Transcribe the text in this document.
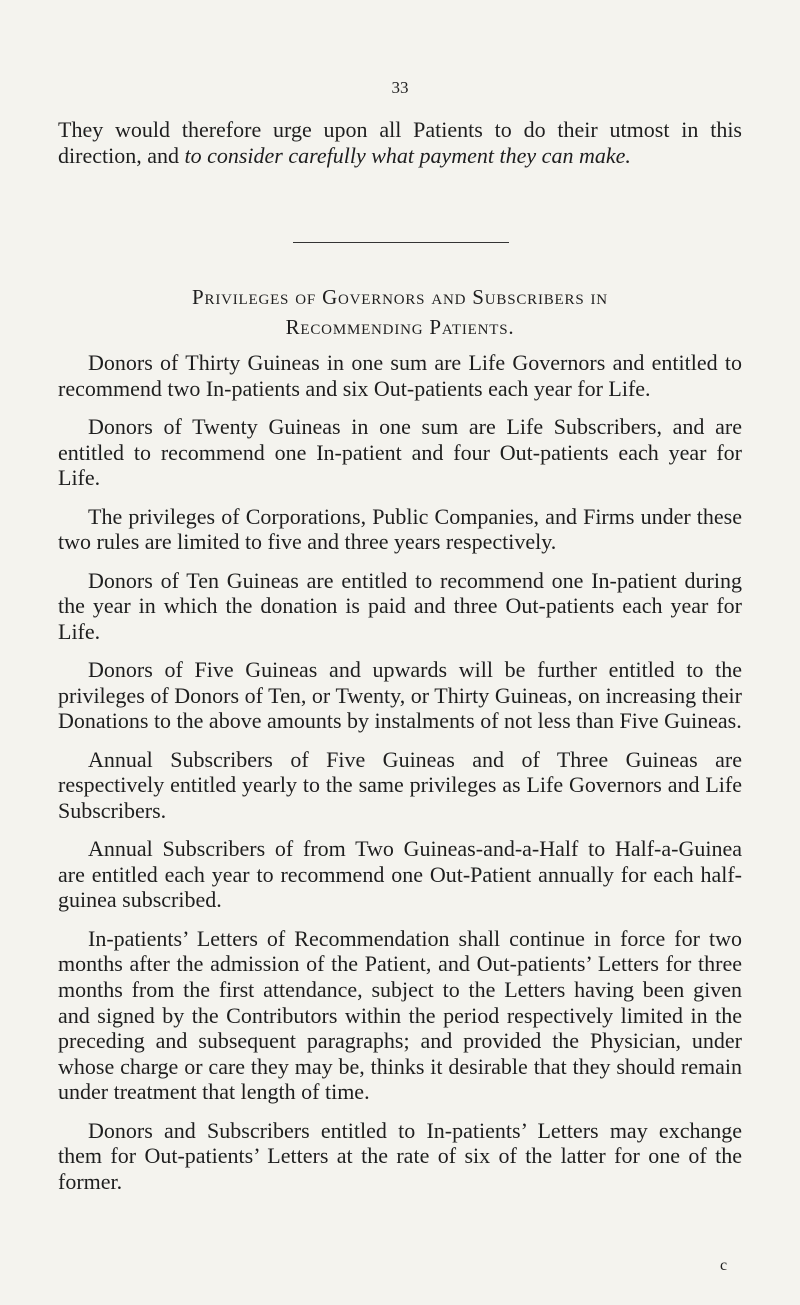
33
They would therefore urge upon all Patients to do their utmost in this direction, and to consider carefully what payment they can make.
Privileges of Governors and Subscribers in
Recommending Patients.

Donors of Thirty Guineas in one sum are Life Governors and entitled to recommend two In-patients and six Out-patients each year for Life.

Donors of Twenty Guineas in one sum are Life Subscribers, and are entitled to recommend one In-patient and four Out-patients each year for Life.

The privileges of Corporations, Public Companies, and Firms under these two rules are limited to five and three years respectively.

Donors of Ten Guineas are entitled to recommend one In-patient during the year in which the donation is paid and three Out-patients each year for Life.

Donors of Five Guineas and upwards will be further entitled to the privileges of Donors of Ten, or Twenty, or Thirty Guineas, on increasing their Donations to the above amounts by instalments of not less than Five Guineas.

Annual Subscribers of Five Guineas and of Three Guineas are respectively entitled yearly to the same privileges as Life Governors and Life Subscribers.

Annual Subscribers of from Two Guineas-and-a-Half to Half-a-Guinea are entitled each year to recommend one Out-Patient annually for each half-guinea subscribed.

In-patients’ Letters of Recommendation shall continue in force for two months after the admission of the Patient, and Out-patients’ Letters for three months from the first attendance, subject to the Letters having been given and signed by the Contributors within the period respectively limited in the preceding and subsequent paragraphs; and provided the Physician, under whose charge or care they may be, thinks it desirable that they should remain under treatment that length of time.

Donors and Subscribers entitled to In-patients’ Letters may exchange them for Out-patients’ Letters at the rate of six of the latter for one of the former.

c
